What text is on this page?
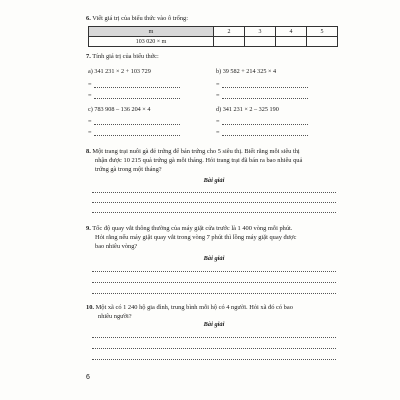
6. Viết giá trị của biểu thức vào ô trống:
m	2	3	4	5
103 020 × m				
7. Tính giá trị của biểu thức:
a) 341 231 × 2 + 103 729	b) 39 582 + 214 325 × 4
=	=
=	=
c) 783 908 – 136 204 × 4	d) 341 231 × 2 – 325 190
=	=
=	=
8. Một trang trại nuôi gà đẻ trứng để bán trứng cho 5 siêu thị. Biết rằng mỗi siêu thị
nhận được 10 215 quả trứng gà mỗi tháng. Hỏi trang trại đã bán ra bao nhiêu quả
trứng gà trong một tháng?
Bài giải
9. Tốc độ quay vắt thông thường của máy giặt cửa trước là 1 400 vòng mỗi phút.
Hỏi rằng nếu máy giặt quay vắt trong vòng 7 phút thì lồng máy giặt quay được
bao nhiêu vòng?
Bài giải
10. Một xã có 1 240 hộ gia đình, trung bình mỗi hộ có 4 người. Hỏi xã đó có bao
nhiêu người?
Bài giải
6
